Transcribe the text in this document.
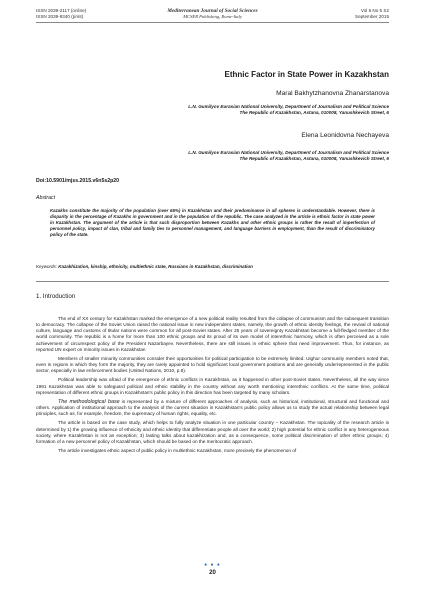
ISSN 2039-2117 (online)
ISSN 2039-9340 (print)
Mediterranean Journal of Social Sciences
MCSER Publishing, Rome-Italy
Vol 6 No 5 S2
September 2015
Ethnic Factor in State Power in Kazakhstan
Maral Bakhytzhanovna Zhanarstanova
L.N. Gumilyov Eurasian National University, Department of Journalism and Political Science
The Republic of Kazakhstan, Astana, 010008, Yanushkevich Street, 6
Elena Leonidovna Nechayeva
L.N. Gumilyov Eurasian National University, Department of Journalism and Political Science
The Republic of Kazakhstan, Astana, 010008, Yanushkevich Street, 6
Doi:10.5901/mjss.2015.v6n5s2p20
Abstract
Kazakhs constitute the majority of the population (over 65%) in Kazakhstan and their predominance in all spheres is understandable. However, there is disparity in the percentage of Kazakhs in government and in the population of the republic. The case analyzed in the article is ethnic factor in state power in Kazakhstan. The argument of the article is that such disproportion between Kazakhs and other ethnic groups is rather the result of imperfection of personnel policy, impact of clan, tribal and family ties to personnel management, and language barriers in employment, than the result of discriminatory policy of the state.
Keywords: Kazakhization, kinship, ethnicity, multiethnic state, Russians in Kazakhstan, discrimination
1. Introduction

The end of XX century for Kazakhstan marked the emergence of a new political reality resulted from the collapse of communism and the subsequent transition to democracy. The collapse of the Soviet Union raised the national issue in new independent states, namely, the growth of ethnic identity feelings, the revival of national culture, language and customs of titular nations were common for all post-Soviet states. After 25 years of sovereignty Kazakhstan become a full-fledged member of the world community. The republic is a home for more than 100 ethnic groups and its proud of its own model of interethnic harmony, which is often perceived as a sole achievement of circumspect policy of the President Nazarbayev. Nevertheless, there are still issues in ethnic sphere that need improvement. Thus, for instance, as reported UN expert on minority issues in Kazakhstan

Members of smaller minority communities consider their opportunities for political participation to be extremely limited. Uighur community members noted that, even in regions in which they form the majority, they are rarely appointed to hold significant local government positions and are generally underrepresented in the public sector, especially in law enforcement bodies (United Nations, 2010, p.8).

Political leadership was afraid of the emergence of ethnic conflicts in Kazakhstan, as it happened in other post-Soviet states. Nevertheless, all the way since 1991 Kazakhstan was able to safeguard political and ethnic stability in the country without any worth mentioning interethnic conflicts. At the same time, political representation of different ethnic groups in Kazakhstan's public policy in this direction has been targeted by many scholars.

The methodological base is represented by a mixture of different approaches of analysis, such as historical, institutional, structural and functional and others. Application of institutional approach to the analysis of the current situation in Kazakhstan's public policy allows us to study the actual relationship between legal principles, such as, for example, freedom, the supremacy of human rights, equality, etc.

The article is based on the case study, which helps to fully analyze situation in one particular country – Kazakhstan. The topicality of the research article is determined by 1) the growing influence of ethnicity and ethnic identity that differentiate people all over the world; 2) high potential for ethnic conflict in any heterogeneous society, where Kazakhstan is not an exception; 3) lasting talks about kazakhization and, as a consequence, some political discrimination of other ethnic groups; 4) formation of a new personnel policy of Kazakhstan, which should be based on the meritocratic approach.

The article investigates ethnic aspect of public policy in multiethnic Kazakhstan, more precisely the phenomenon of

● ● ●
20
